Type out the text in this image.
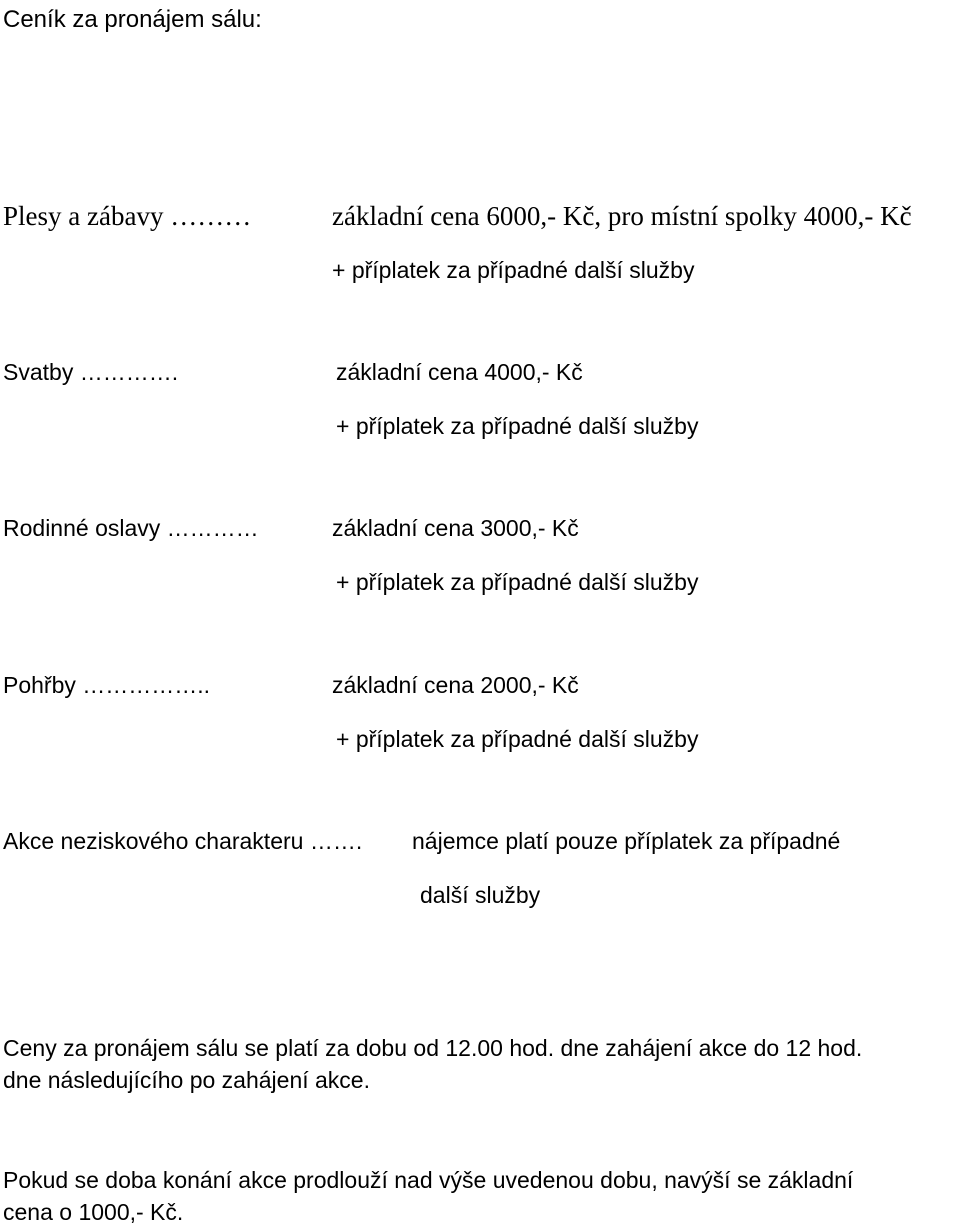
Ceník za pronájem sálu:

Plesy a zábavy ………	základní cena 6000,- Kč, pro místní spolky 4000,- Kč

+ příplatek za případné další služby

Svatby ………….	základní cena 4000,- Kč

+ příplatek za případné další služby

Rodinné oslavy …………	základní cena 3000,- Kč

+ příplatek za případné další služby

Pohřby ……………..	základní cena 2000,- Kč

+ příplatek za případné další služby

Akce neziskového charakteru ……. nájemce platí pouze příplatek za případné

další služby

Ceny za pronájem sálu se platí za dobu od 12.00 hod. dne zahájení akce do 12 hod.

dne následujícího po zahájení akce.

Pokud se doba konání akce prodlouží nad výše uvedenou dobu, navýší se základní

cena o 1000,- Kč.
